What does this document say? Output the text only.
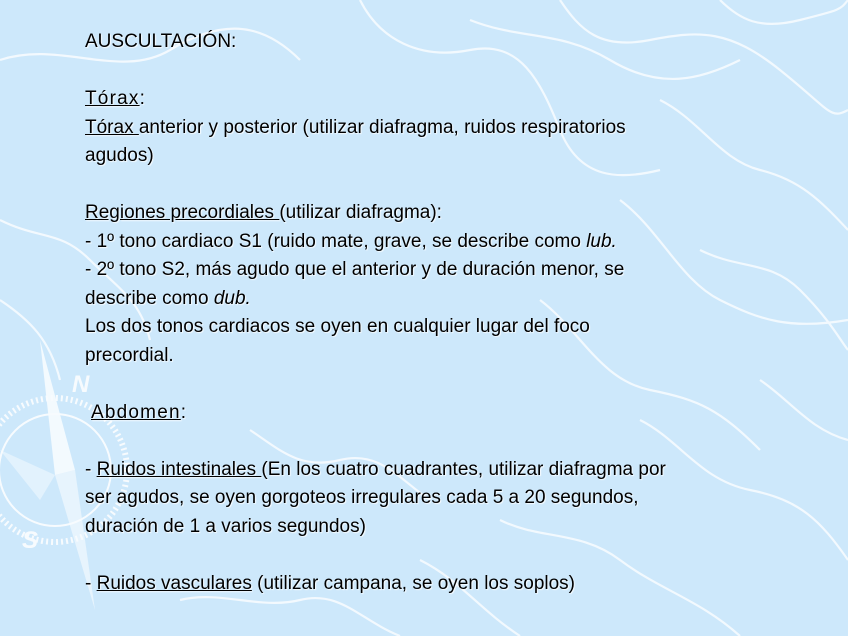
N
S
AUSCULTACIÓN:
Tórax:
Tórax anterior y posterior (utilizar diafragma, ruidos respiratorios
agudos)
Regiones precordiales (utilizar diafragma):
- 1º tono cardiaco S1 (ruido mate, grave, se describe como lub.
- 2º tono S2, más agudo que el anterior y de duración menor, se
describe como dub.
Los dos tonos cardiacos se oyen en cualquier lugar del foco
precordial.
Abdomen:
- Ruidos intestinales (En los cuatro cuadrantes, utilizar diafragma por
ser agudos, se oyen gorgoteos irregulares cada 5 a 20 segundos,
duración de 1 a varios segundos)
- Ruidos vasculares (utilizar campana, se oyen los soplos)
